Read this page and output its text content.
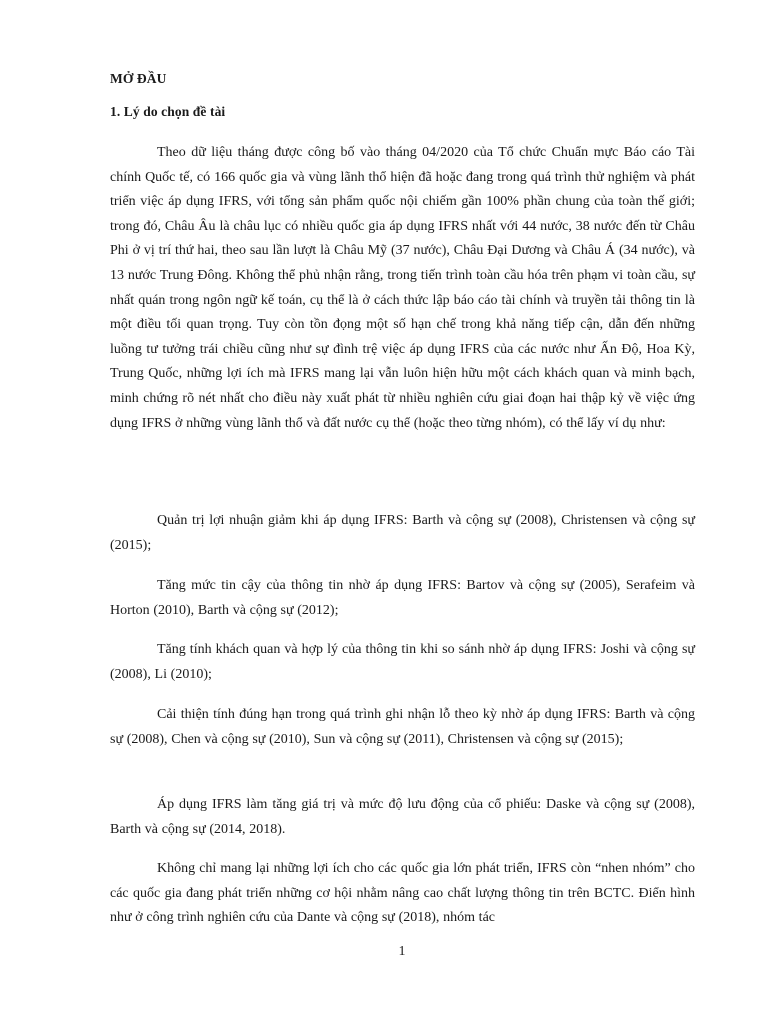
MỞ ĐẦU
1. Lý do chọn đề tài

Theo dữ liệu tháng được công bố vào tháng 04/2020 của Tổ chức Chuẩn mực Báo cáo Tài chính Quốc tế, có 166 quốc gia và vùng lãnh thổ hiện đã hoặc đang trong quá trình thử nghiệm và phát triển việc áp dụng IFRS, với tổng sản phẩm quốc nội chiếm gần 100% phần chung của toàn thế giới; trong đó, Châu Âu là châu lục có nhiều quốc gia áp dụng IFRS nhất với 44 nước, 38 nước đến từ Châu Phi ở vị trí thứ hai, theo sau lần lượt là Châu Mỹ (37 nước), Châu Đại Dương và Châu Á (34 nước), và 13 nước Trung Đông. Không thể phủ nhận rằng, trong tiến trình toàn cầu hóa trên phạm vi toàn cầu, sự nhất quán trong ngôn ngữ kế toán, cụ thể là ở cách thức lập báo cáo tài chính và truyền tải thông tin là một điều tối quan trọng. Tuy còn tồn đọng một số hạn chế trong khả năng tiếp cận, dẫn đến những luồng tư tưởng trái chiều cũng như sự đình trệ việc áp dụng IFRS của các nước như Ấn Độ, Hoa Kỳ, Trung Quốc, những lợi ích mà IFRS mang lại vẫn luôn hiện hữu một cách khách quan và minh bạch, minh chứng rõ nét nhất cho điều này xuất phát từ nhiều nghiên cứu giai đoạn hai thập kỷ về việc ứng dụng IFRS ở những vùng lãnh thổ và đất nước cụ thể (hoặc theo từng nhóm), có thể lấy ví dụ như:

Quản trị lợi nhuận giảm khi áp dụng IFRS: Barth và cộng sự (2008), Christensen và cộng sự (2015);

Tăng mức tin cậy của thông tin nhờ áp dụng IFRS: Bartov và cộng sự (2005), Serafeim và Horton (2010), Barth và cộng sự (2012);

Tăng tính khách quan và hợp lý của thông tin khi so sánh nhờ áp dụng IFRS: Joshi và cộng sự (2008), Li (2010);

Cải thiện tính đúng hạn trong quá trình ghi nhận lỗ theo kỳ nhờ áp dụng IFRS: Barth và cộng sự (2008), Chen và cộng sự (2010), Sun và cộng sự (2011), Christensen và cộng sự (2015);

Áp dụng IFRS làm tăng giá trị và mức độ lưu động của cổ phiếu: Daske và cộng sự (2008), Barth và cộng sự (2014, 2018).

Không chỉ mang lại những lợi ích cho các quốc gia lớn phát triển, IFRS còn “nhen nhóm” cho các quốc gia đang phát triển những cơ hội nhằm nâng cao chất lượng thông tin trên BCTC. Điển hình như ở công trình nghiên cứu của Dante và cộng sự (2018), nhóm tác

1
